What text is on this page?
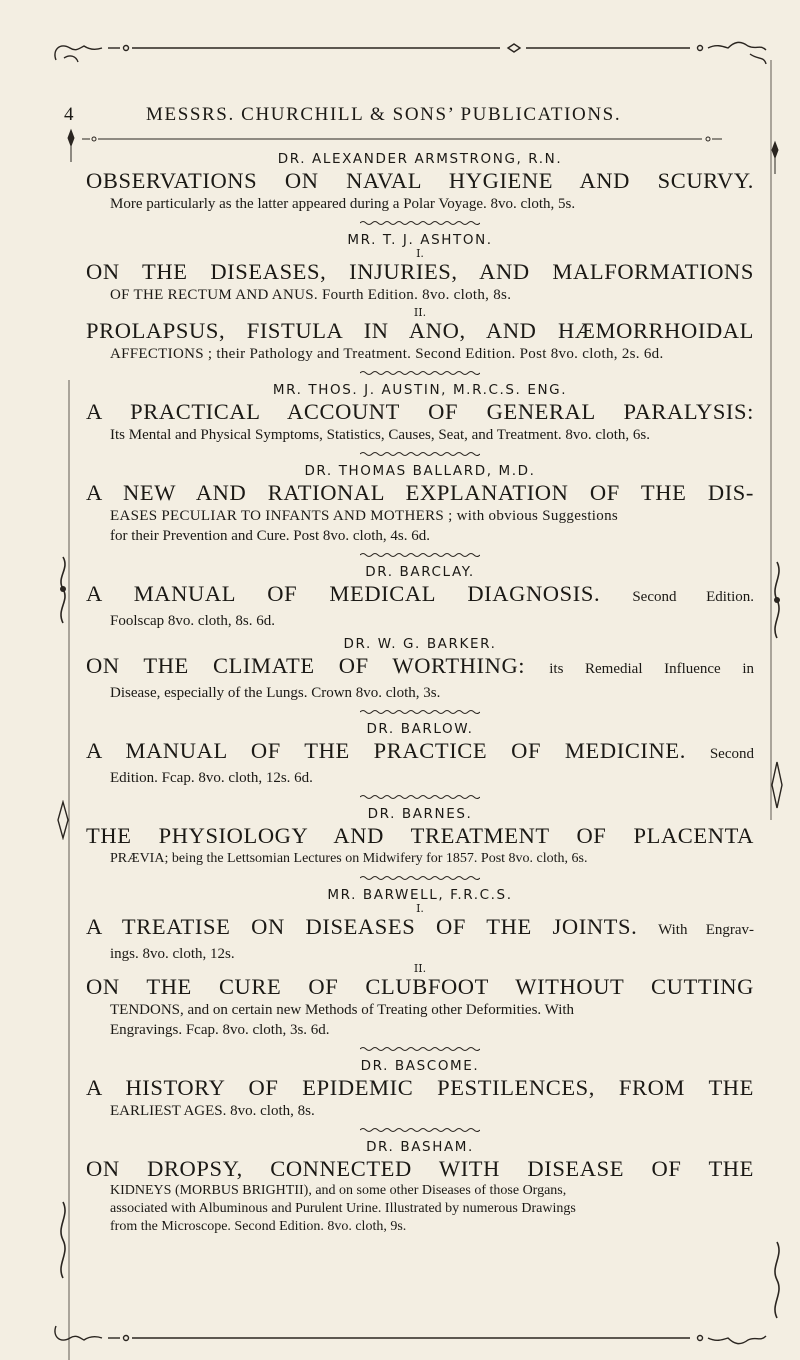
4	MESSRS. CHURCHILL & SONS’ PUBLICATIONS.

DR. ALEXANDER ARMSTRONG, R.N.

OBSERVATIONS ON NAVAL HYGIENE AND SCURVY.

More particularly as the latter appeared during a Polar Voyage. 8vo. cloth, 5s.

MR. T. J. ASHTON.

I.

ON THE DISEASES, INJURIES, AND MALFORMATIONS

OF THE RECTUM AND ANUS. Fourth Edition. 8vo. cloth, 8s.

II.

PROLAPSUS, FISTULA IN ANO, AND HÆMORRHOIDAL

AFFECTIONS ; their Pathology and Treatment. Second Edition. Post 8vo. cloth, 2s. 6d.

MR. THOS. J. AUSTIN, M.R.C.S. ENG.

A PRACTICAL ACCOUNT OF GENERAL PARALYSIS:

Its Mental and Physical Symptoms, Statistics, Causes, Seat, and Treatment. 8vo. cloth, 6s.

DR. THOMAS BALLARD, M.D.

A NEW AND RATIONAL EXPLANATION OF THE DIS-

EASES PECULIAR TO INFANTS AND MOTHERS ; with obvious Suggestions

for their Prevention and Cure. Post 8vo. cloth, 4s. 6d.

DR. BARCLAY.

A MANUAL OF MEDICAL DIAGNOSIS. Second Edition.

Foolscap 8vo. cloth, 8s. 6d.

DR. W. G. BARKER.

ON THE CLIMATE OF WORTHING: its Remedial Influence in

Disease, especially of the Lungs. Crown 8vo. cloth, 3s.

DR. BARLOW.

A MANUAL OF THE PRACTICE OF MEDICINE. Second

Edition. Fcap. 8vo. cloth, 12s. 6d.

DR. BARNES.

THE PHYSIOLOGY AND TREATMENT OF PLACENTA

PRÆVIA; being the Lettsomian Lectures on Midwifery for 1857. Post 8vo. cloth, 6s.

MR. BARWELL, F.R.C.S.

I.

A TREATISE ON DISEASES OF THE JOINTS. With Engrav-

ings. 8vo. cloth, 12s.

II.

ON THE CURE OF CLUBFOOT WITHOUT CUTTING

TENDONS, and on certain new Methods of Treating other Deformities. With

Engravings. Fcap. 8vo. cloth, 3s. 6d.

DR. BASCOME.

A HISTORY OF EPIDEMIC PESTILENCES, FROM THE

EARLIEST AGES. 8vo. cloth, 8s.

DR. BASHAM.

ON DROPSY, CONNECTED WITH DISEASE OF THE

KIDNEYS (MORBUS BRIGHTII), and on some other Diseases of those Organs,

associated with Albuminous and Purulent Urine. Illustrated by numerous Drawings

from the Microscope. Second Edition. 8vo. cloth, 9s.
